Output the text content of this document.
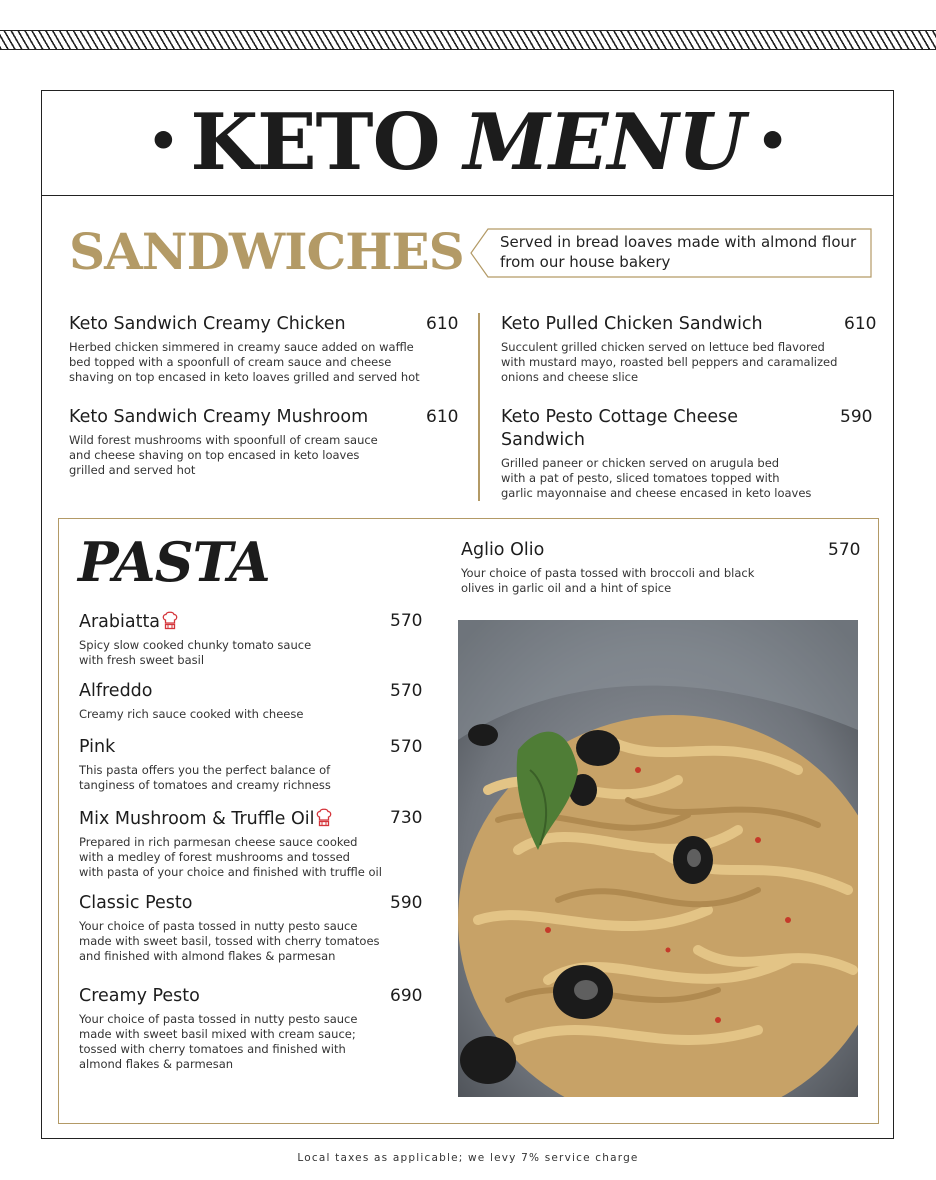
• KETO MENU •
SANDWICHES Served in bread loaves made with almond flour
from our house bakery
Keto Sandwich Creamy Chicken	610
Herbed chicken simmered in creamy sauce added on waffle
bed topped with a spoonfull of cream sauce and cheese
shaving on top encased in keto loaves grilled and served hot
Keto Sandwich Creamy Mushroom	610
Wild forest mushrooms with spoonfull of cream sauce
and cheese shaving on top encased in keto loaves
grilled and served hot
Keto Pulled Chicken Sandwich	610
Succulent grilled chicken served on lettuce bed flavored
with mustard mayo, roasted bell peppers and caramalized
onions and cheese slice
Keto Pesto Cottage Cheese
Sandwich
590
Grilled paneer or chicken served on arugula bed
with a pat of pesto, sliced tomatoes topped with
garlic mayonnaise and cheese encased in keto loaves
PASTA
Arabiatta	570
Spicy slow cooked chunky tomato sauce
with fresh sweet basil
Alfreddo	570
Creamy rich sauce cooked with cheese
Pink	570
This pasta offers you the perfect balance of
tanginess of tomatoes and creamy richness
Mix Mushroom & Truffle Oil	730
Prepared in rich parmesan cheese sauce cooked
with a medley of forest mushrooms and tossed
with pasta of your choice and finished with truffle oil
Classic Pesto	590
Your choice of pasta tossed in nutty pesto sauce
made with sweet basil, tossed with cherry tomatoes
and finished with almond flakes & parmesan
Creamy Pesto	690
Your choice of pasta tossed in nutty pesto sauce
made with sweet basil mixed with cream sauce;
tossed with cherry tomatoes and finished with
almond flakes & parmesan
Aglio Olio	570
Your choice of pasta tossed with broccoli and black
olives in garlic oil and a hint of spice
Local taxes as applicable; we levy 7% service charge
